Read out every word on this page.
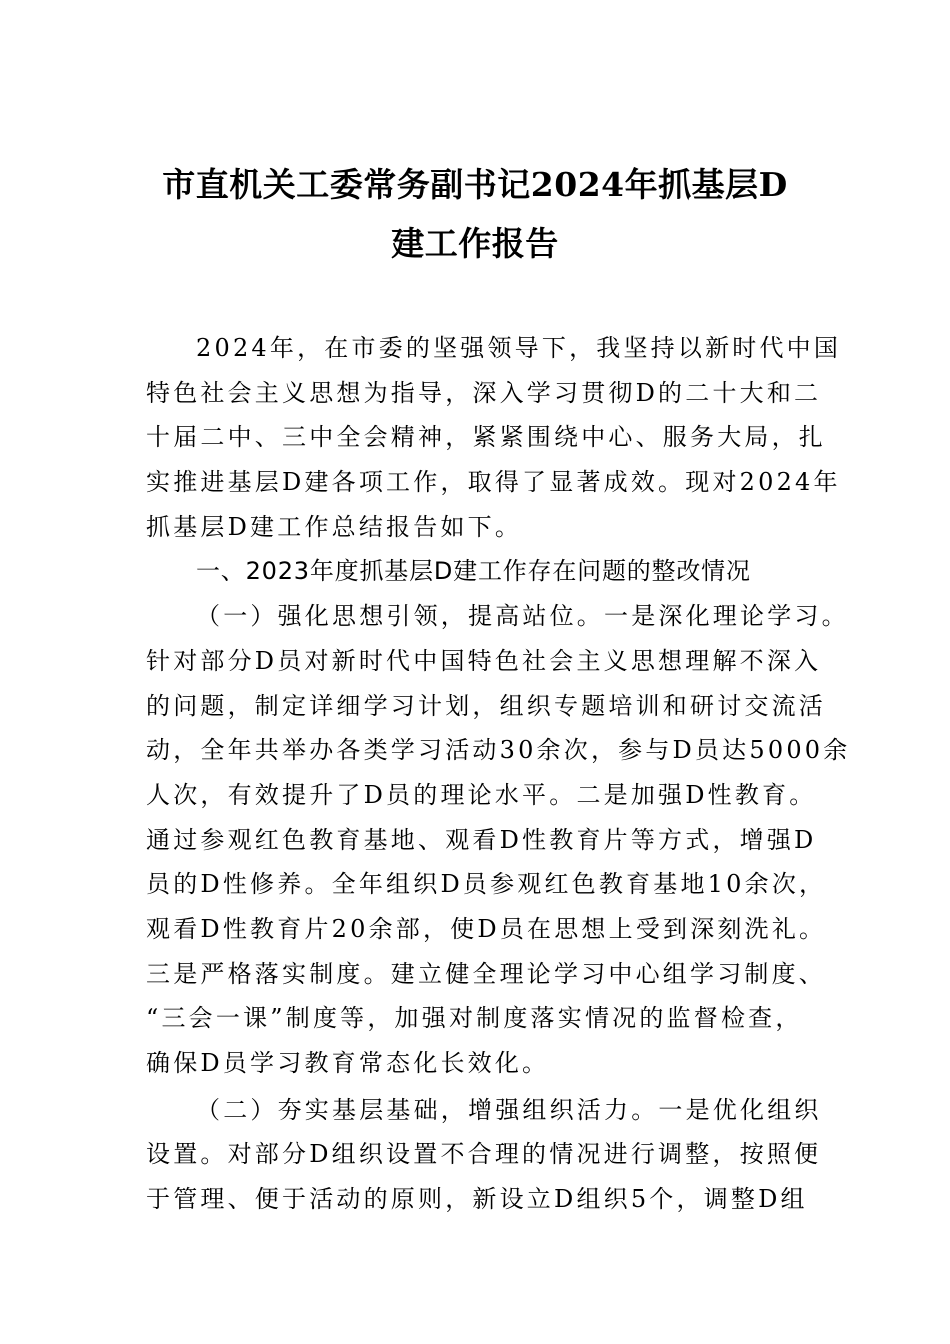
市直机关工委常务副书记2024年抓基层D
建工作报告
2024年，在市委的坚强领导下，我坚持以新时代中国
特色社会主义思想为指导，深入学习贯彻D的二十大和二
十届二中、三中全会精神，紧紧围绕中心、服务大局，扎
实推进基层D建各项工作，取得了显著成效。现对2024年
抓基层D建工作总结报告如下。
一、2023年度抓基层D建工作存在问题的整改情况
（一）强化思想引领，提高站位。一是深化理论学习。
针对部分D员对新时代中国特色社会主义思想理解不深入
的问题，制定详细学习计划，组织专题培训和研讨交流活
动，全年共举办各类学习活动30余次，参与D员达5000余
人次，有效提升了D员的理论水平。二是加强D性教育。
通过参观红色教育基地、观看D性教育片等方式，增强D
员的D性修养。全年组织D员参观红色教育基地10余次，
观看D性教育片20余部，使D员在思想上受到深刻洗礼。
三是严格落实制度。建立健全理论学习中心组学习制度、
“三会一课”制度等，加强对制度落实情况的监督检查，
确保D员学习教育常态化长效化。
（二）夯实基层基础，增强组织活力。一是优化组织
设置。对部分D组织设置不合理的情况进行调整，按照便
于管理、便于活动的原则，新设立D组织5个，调整D组
